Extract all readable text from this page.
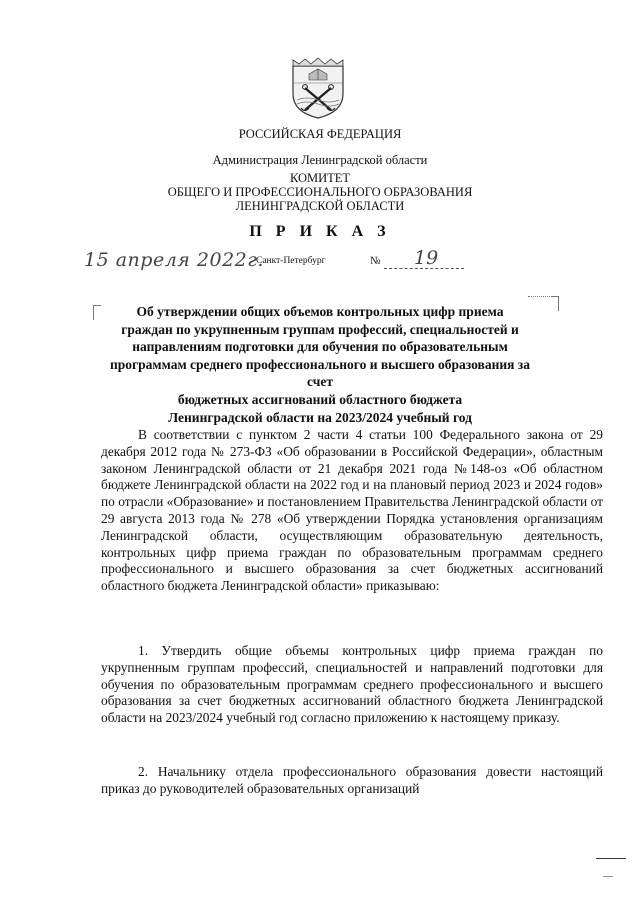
РОССИЙСКАЯ ФЕДЕРАЦИЯ
Администрация Ленинградской области
КОМИТЕТ
ОБЩЕГО И ПРОФЕССИОНАЛЬНОГО ОБРАЗОВАНИЯ
ЛЕНИНГРАДСКОЙ ОБЛАСТИ
П Р И К А З
15 апреля 2022г.
Санкт-Петербург	№ 19
Об утверждении общих объемов контрольных цифр приема
граждан по укрупненным группам профессий, специальностей и
направлениям подготовки для обучения по образовательным
программам среднего профессионального и высшего образования за счет
бюджетных ассигнований областного бюджета
Ленинградской области на 2023/2024 учебный год

В соответствии с пунктом 2 части 4 статьи 100 Федерального закона от 29 декабря 2012 года № 273-ФЗ «Об образовании в Российской Федерации», областным законом Ленинградской области от 21 декабря 2021 года №148-оз «Об областном бюджете Ленинградской области на 2022 год и на плановый период 2023 и 2024 годов» по отрасли «Образование» и постановлением Правительства Ленинградской области от 29 августа 2013 года № 278 «Об утверждении Порядка установления организациям Ленинградской области, осуществляющим образовательную деятельность, контрольных цифр приема граждан по образовательным программам среднего профессионального и высшего образования за счет бюджетных ассигнований областного бюджета Ленинградской области» приказываю:

1. Утвердить общие объемы контрольных цифр приема граждан по укрупненным группам профессий, специальностей и направлений подготовки для обучения по образовательным программам среднего профессионального и высшего образования за счет бюджетных ассигнований областного бюджета Ленинградской области на 2023/2024 учебный год согласно приложению к настоящему приказу.

2. Начальнику отдела профессионального образования довести настоящий приказ до руководителей образовательных организаций
